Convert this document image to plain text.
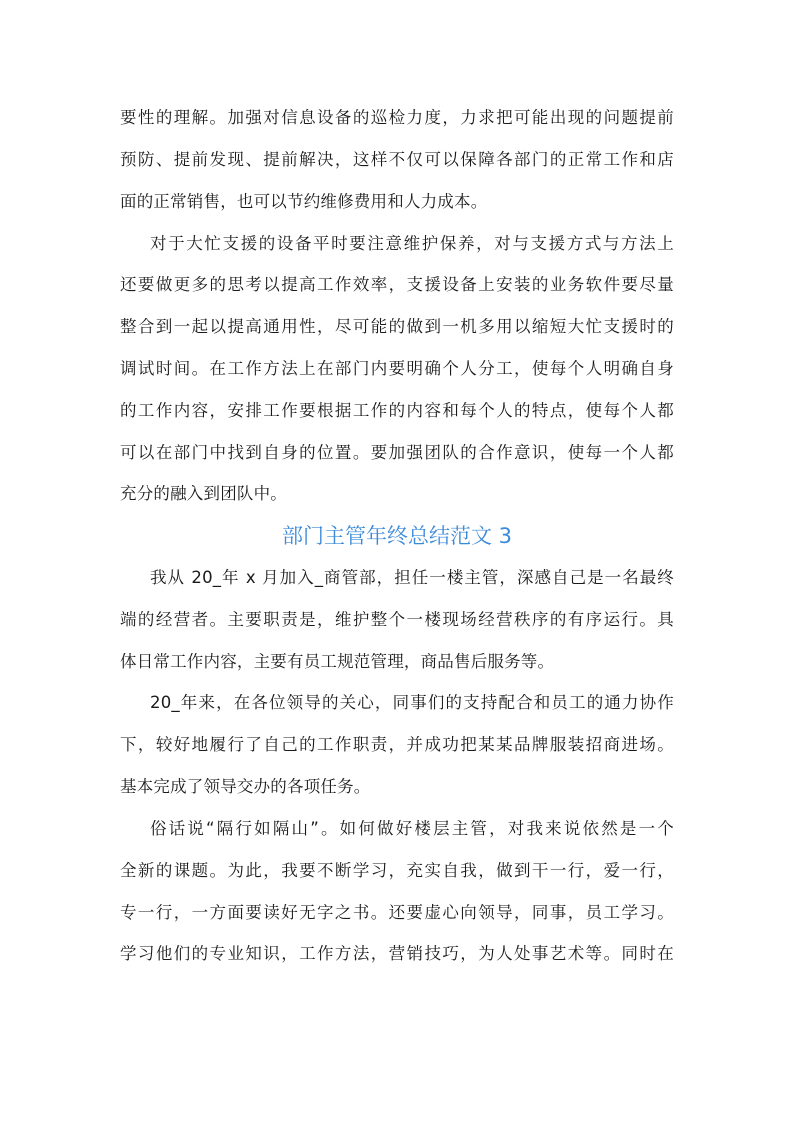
要性的理解。加强对信息设备的巡检力度，力求把可能出现的问题提前
预防、提前发现、提前解决，这样不仅可以保障各部门的正常工作和店
面的正常销售，也可以节约维修费用和人力成本。
对于大忙支援的设备平时要注意维护保养，对与支援方式与方法上
还要做更多的思考以提高工作效率，支援设备上安装的业务软件要尽量
整合到一起以提高通用性，尽可能的做到一机多用以缩短大忙支援时的
调试时间。在工作方法上在部门内要明确个人分工，使每个人明确自身
的工作内容，安排工作要根据工作的内容和每个人的特点，使每个人都
可以在部门中找到自身的位置。要加强团队的合作意识，使每一个人都
充分的融入到团队中。
部门主管年终总结范文 3
我从 20_年 x 月加入_商管部，担任一楼主管，深感自己是一名最终
端的经营者。主要职责是，维护整个一楼现场经营秩序的有序运行。具
体日常工作内容，主要有员工规范管理，商品售后服务等。
20_年来，在各位领导的关心，同事们的支持配合和员工的通力协作
下，较好地履行了自己的工作职责，并成功把某某品牌服装招商进场。
基本完成了领导交办的各项任务。
俗话说“隔行如隔山”。如何做好楼层主管，对我来说依然是一个
全新的课题。为此，我要不断学习，充实自我，做到干一行，爱一行，
专一行，一方面要读好无字之书。还要虚心向领导，同事，员工学习。
学习他们的专业知识，工作方法，营销技巧，为人处事艺术等。同时在
